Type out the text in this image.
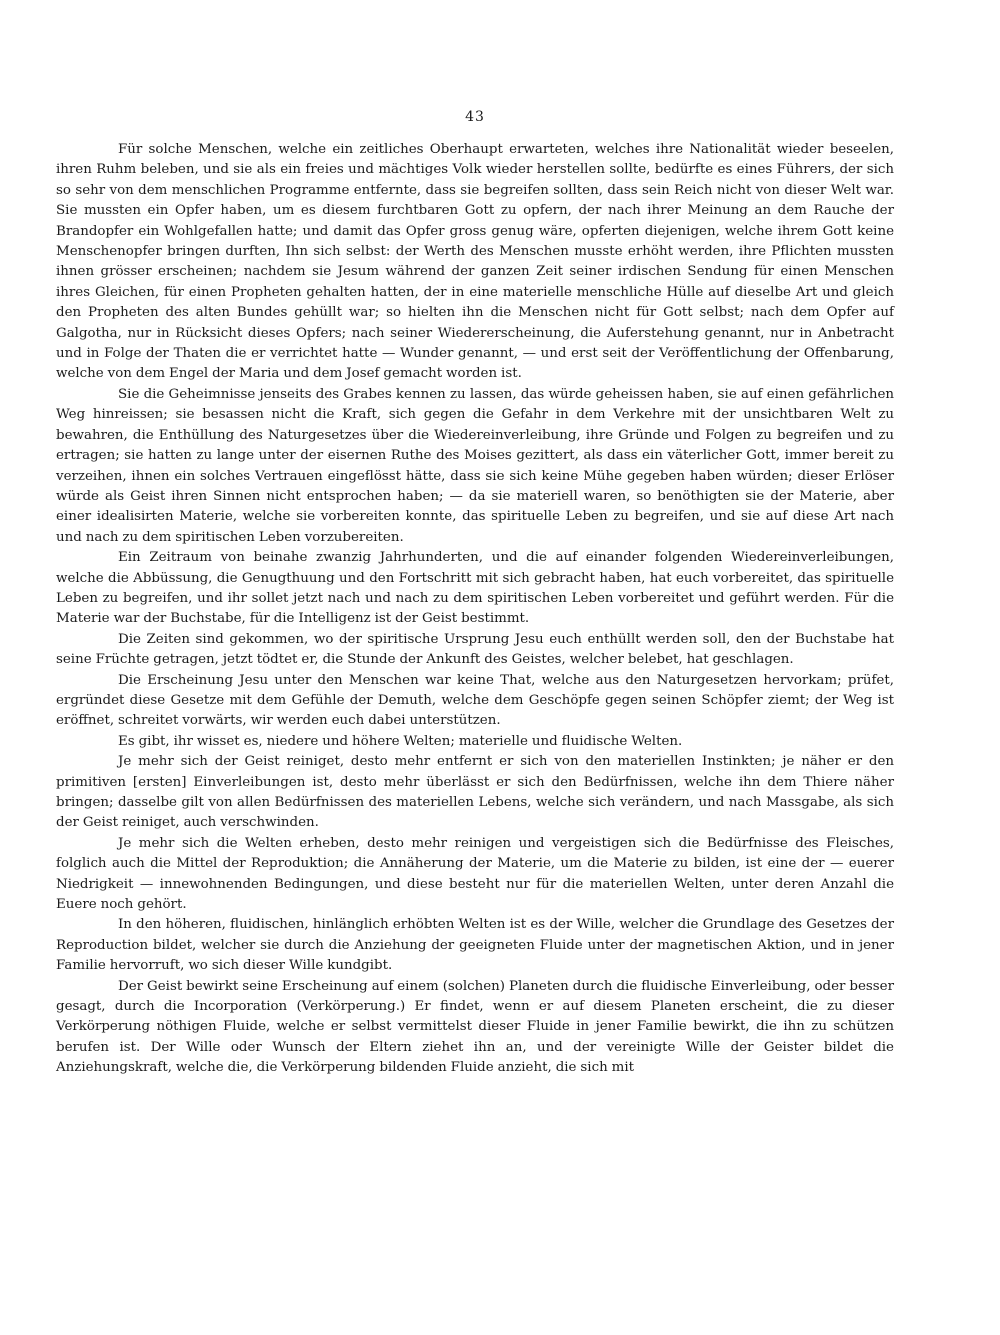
43

Für solche Menschen, welche ein zeitliches Oberhaupt erwarteten, welches ihre Nationalität wieder beseelen, ihren Ruhm beleben, und sie als ein freies und mächtiges Volk wieder herstellen sollte, bedürfte es eines Führers, der sich so sehr von dem menschlichen Programme entfernte, dass sie begreifen sollten, dass sein Reich nicht von dieser Welt war. Sie mussten ein Opfer haben, um es diesem furchtbaren Gott zu opfern, der nach ihrer Meinung an dem Rauche der Brandopfer ein Wohlgefallen hatte; und damit das Opfer gross genug wäre, opferten diejenigen, welche ihrem Gott keine Menschenopfer bringen durften, Ihn sich selbst: der Werth des Menschen musste erhöht werden, ihre Pflichten mussten ihnen grösser erscheinen; nachdem sie Jesum während der ganzen Zeit seiner irdischen Sendung für einen Menschen ihres Gleichen, für einen Propheten gehalten hatten, der in eine materielle menschliche Hülle auf dieselbe Art und gleich den Propheten des alten Bundes gehüllt war; so hielten ihn die Menschen nicht für Gott selbst; nach dem Opfer auf Galgotha, nur in Rücksicht dieses Opfers; nach seiner Wiedererscheinung, die Auferstehung genannt, nur in Anbetracht und in Folge der Thaten die er verrichtet hatte — Wunder genannt, — und erst seit der Veröffentlichung der Offenbarung, welche von dem Engel der Maria und dem Josef gemacht worden ist.

Sie die Geheimnisse jenseits des Grabes kennen zu lassen, das würde geheissen haben, sie auf einen gefährlichen Weg hinreissen; sie besassen nicht die Kraft, sich gegen die Gefahr in dem Verkehre mit der unsichtbaren Welt zu bewahren, die Enthüllung des Naturgesetzes über die Wiedereinverleibung, ihre Gründe und Folgen zu begreifen und zu ertragen; sie hatten zu lange unter der eisernen Ruthe des Moises gezittert, als dass ein väterlicher Gott, immer bereit zu verzeihen, ihnen ein solches Vertrauen eingeflösst hätte, dass sie sich keine Mühe gegeben haben würden; dieser Erlöser würde als Geist ihren Sinnen nicht entsprochen haben; — da sie materiell waren, so benöthigten sie der Materie, aber einer idealisirten Materie, welche sie vorbereiten konnte, das spirituelle Leben zu begreifen, und sie auf diese Art nach und nach zu dem spiritischen Leben vorzubereiten.

Ein Zeitraum von beinahe zwanzig Jahrhunderten, und die auf einander folgenden Wiedereinverleibungen, welche die Abbüssung, die Genugthuung und den Fortschritt mit sich gebracht haben, hat euch vorbereitet, das spirituelle Leben zu begreifen, und ihr sollet jetzt nach und nach zu dem spiritischen Leben vorbereitet und geführt werden. Für die Materie war der Buchstabe, für die Intelligenz ist der Geist bestimmt.

Die Zeiten sind gekommen, wo der spiritische Ursprung Jesu euch enthüllt werden soll, den der Buchstabe hat seine Früchte getragen, jetzt tödtet er, die Stunde der Ankunft des Geistes, welcher belebet, hat geschlagen.

Die Erscheinung Jesu unter den Menschen war keine That, welche aus den Naturgesetzen hervorkam; prüfet, ergründet diese Gesetze mit dem Gefühle der Demuth, welche dem Geschöpfe gegen seinen Schöpfer ziemt; der Weg ist eröffnet, schreitet vorwärts, wir werden euch dabei unterstützen.

Es gibt, ihr wisset es, niedere und höhere Welten; materielle und fluidische Welten.

Je mehr sich der Geist reiniget, desto mehr entfernt er sich von den materiellen Instinkten; je näher er den primitiven [ersten] Einverleibungen ist, desto mehr überlässt er sich den Bedürfnissen, welche ihn dem Thiere näher bringen; dasselbe gilt von allen Bedürfnissen des materiellen Lebens, welche sich verändern, und nach Massgabe, als sich der Geist reiniget, auch verschwinden.

Je mehr sich die Welten erheben, desto mehr reinigen und vergeistigen sich die Bedürfnisse des Fleisches, folglich auch die Mittel der Reproduktion; die Annäherung der Materie, um die Materie zu bilden, ist eine der — euerer Niedrigkeit — innewohnenden Bedingungen, und diese besteht nur für die materiellen Welten, unter deren Anzahl die Euere noch gehört.

In den höheren, fluidischen, hinlänglich erhöbten Welten ist es der Wille, welcher die Grundlage des Gesetzes der Reproduction bildet, welcher sie durch die Anziehung der geeigneten Fluide unter der magnetischen Aktion, und in jener Familie hervorruft, wo sich dieser Wille kundgibt.

Der Geist bewirkt seine Erscheinung auf einem (solchen) Planeten durch die fluidische Einverleibung, oder besser gesagt, durch die Incorporation (Verkörperung.) Er findet, wenn er auf diesem Planeten erscheint, die zu dieser Verkörperung nöthigen Fluide, welche er selbst vermittelst dieser Fluide in jener Familie bewirkt, die ihn zu schützen berufen ist. Der Wille oder Wunsch der Eltern ziehet ihn an, und der vereinigte Wille der Geister bildet die Anziehungskraft, welche die, die Verkörperung bildenden Fluide anzieht, die sich mit
